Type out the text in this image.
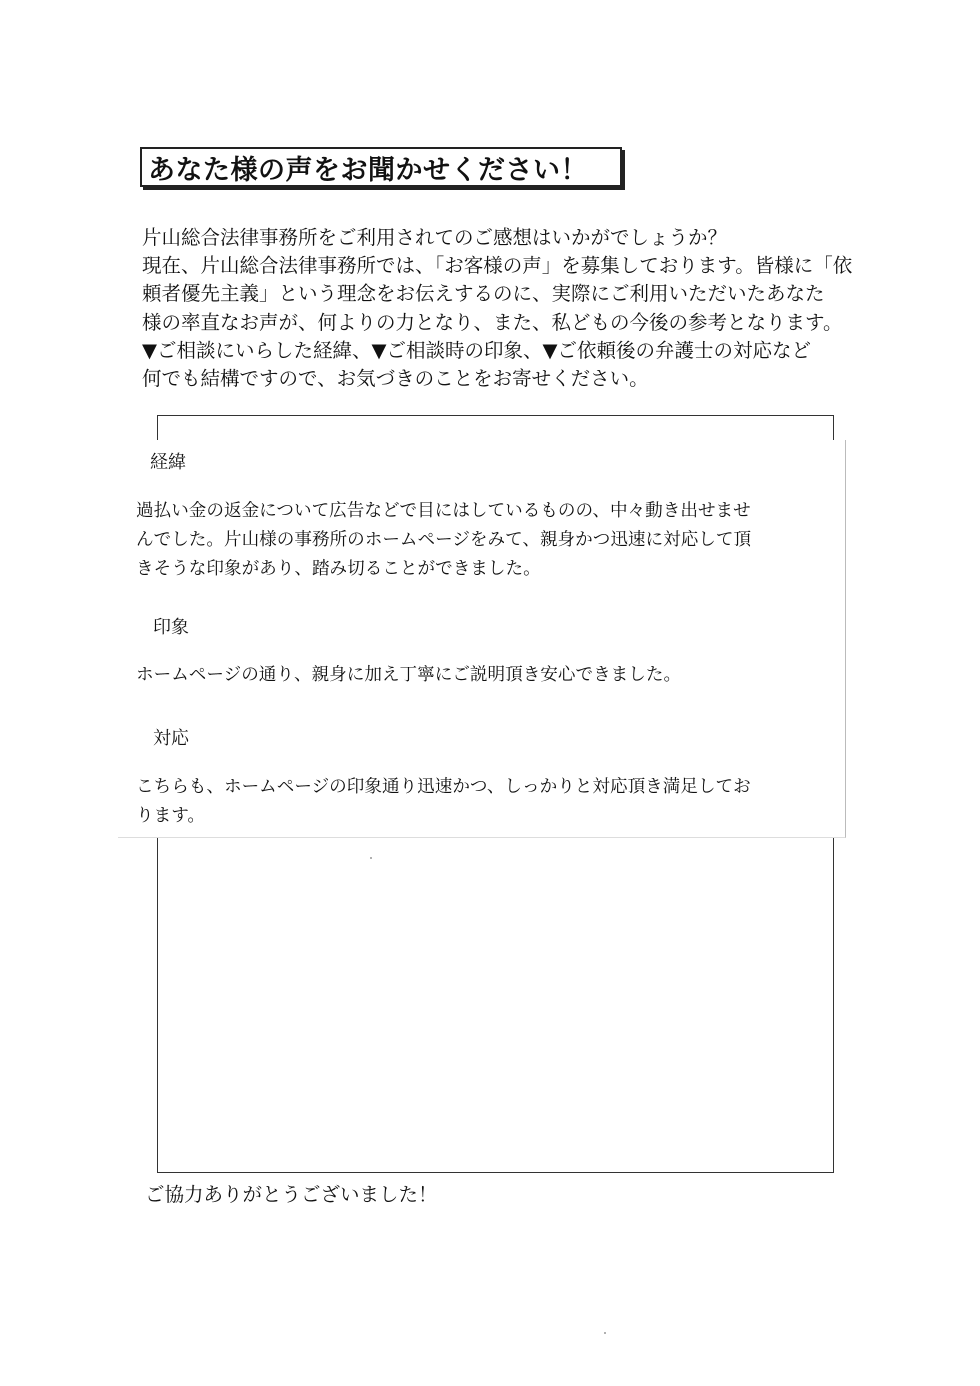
あなた様の声をお聞かせください！

片山総合法律事務所をご利用されてのご感想はいかがでしょうか？

現在、片山総合法律事務所では、「お客様の声」を募集しております。皆様に「依

頼者優先主義」という理念をお伝えするのに、実際にご利用いただいたあなた

様の率直なお声が、何よりの力となり、また、私どもの今後の参考となります。

▼ご相談にいらした経緯、▼ご相談時の印象、▼ご依頼後の弁護士の対応など

何でも結構ですので、お気づきのことをお寄せください。

経緯

過払い金の返金について広告などで目にはしているものの、中々動き出せませ
んでした。片山様の事務所のホームページをみて、親身かつ迅速に対応して頂
きそうな印象があり、踏み切ることができました。

印象

ホームページの通り、親身に加え丁寧にご説明頂き安心できました。

対応

こちらも、ホームページの印象通り迅速かつ、しっかりと対応頂き満足してお
ります。

ご協力ありがとうございました！
